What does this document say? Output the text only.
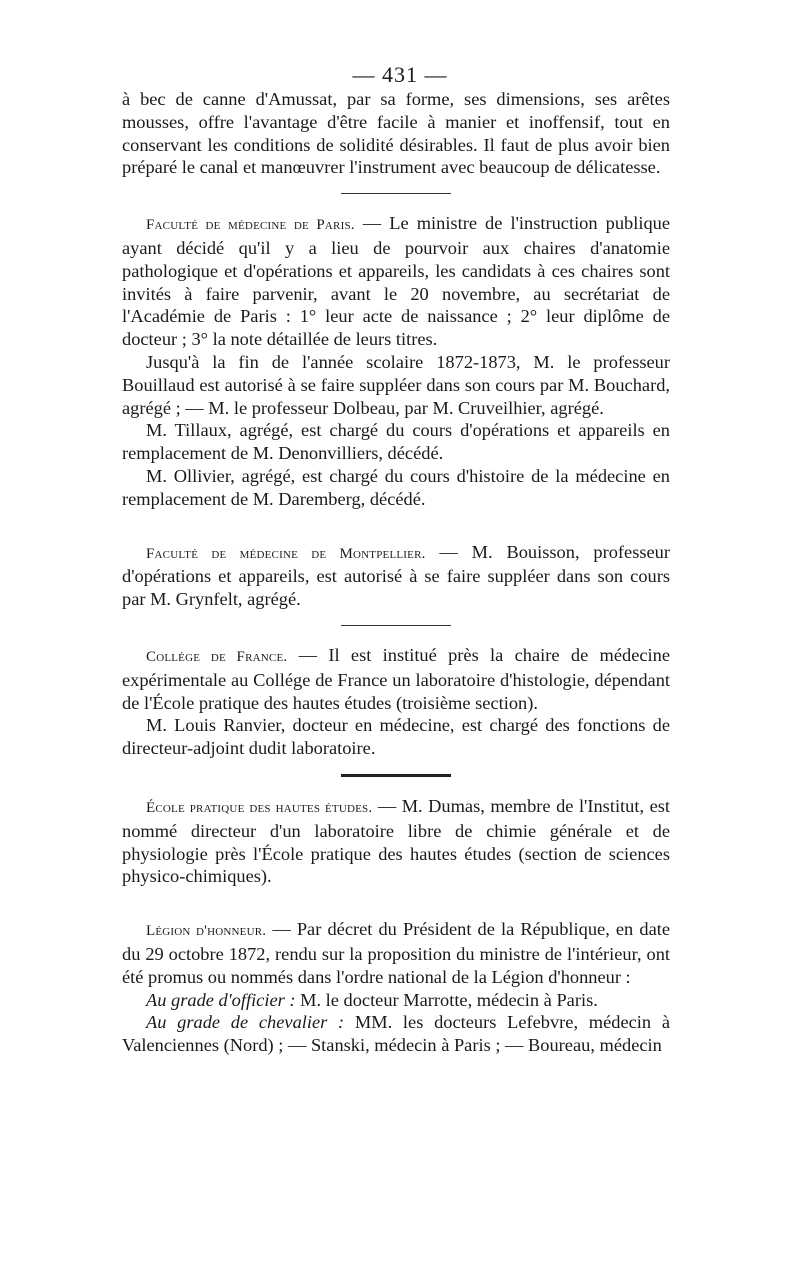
— 431 —

à bec de canne d'Amussat, par sa forme, ses dimensions, ses arêtes mousses, offre l'avantage d'être facile à manier et inoffensif, tout en conservant les conditions de solidité désirables. Il faut de plus avoir bien préparé le canal et manœuvrer l'instrument avec beaucoup de délicatesse.

Faculté de médecine de Paris. — Le ministre de l'instruction publique ayant décidé qu'il y a lieu de pourvoir aux chaires d'anatomie pathologique et d'opérations et appareils, les candidats à ces chaires sont invités à faire parvenir, avant le 20 novembre, au secrétariat de l'Académie de Paris : 1° leur acte de naissance ; 2° leur diplôme de docteur ; 3° la note détaillée de leurs titres.

Jusqu'à la fin de l'année scolaire 1872-1873, M. le professeur Bouillaud est autorisé à se faire suppléer dans son cours par M. Bouchard, agrégé ; — M. le professeur Dolbeau, par M. Cruveilhier, agrégé.

M. Tillaux, agrégé, est chargé du cours d'opérations et appareils en remplacement de M. Denonvilliers, décédé.

M. Ollivier, agrégé, est chargé du cours d'histoire de la médecine en remplacement de M. Daremberg, décédé.

Faculté de médecine de Montpellier. — M. Bouisson, professeur d'opérations et appareils, est autorisé à se faire suppléer dans son cours par M. Grynfelt, agrégé.

Collége de France. — Il est institué près la chaire de médecine expérimentale au Collége de France un laboratoire d'histologie, dépendant de l'École pratique des hautes études (troisième section).

M. Louis Ranvier, docteur en médecine, est chargé des fonctions de directeur-adjoint dudit laboratoire.

École pratique des hautes études. — M. Dumas, membre de l'Institut, est nommé directeur d'un laboratoire libre de chimie générale et de physiologie près l'École pratique des hautes études (section de sciences physico-chimiques).

Légion d'honneur. — Par décret du Président de la République, en date du 29 octobre 1872, rendu sur la proposition du ministre de l'intérieur, ont été promus ou nommés dans l'ordre national de la Légion d'honneur :

Au grade d'officier : M. le docteur Marrotte, médecin à Paris.

Au grade de chevalier : MM. les docteurs Lefebvre, médecin à Valenciennes (Nord) ; — Stanski, médecin à Paris ; — Boureau, médecin
